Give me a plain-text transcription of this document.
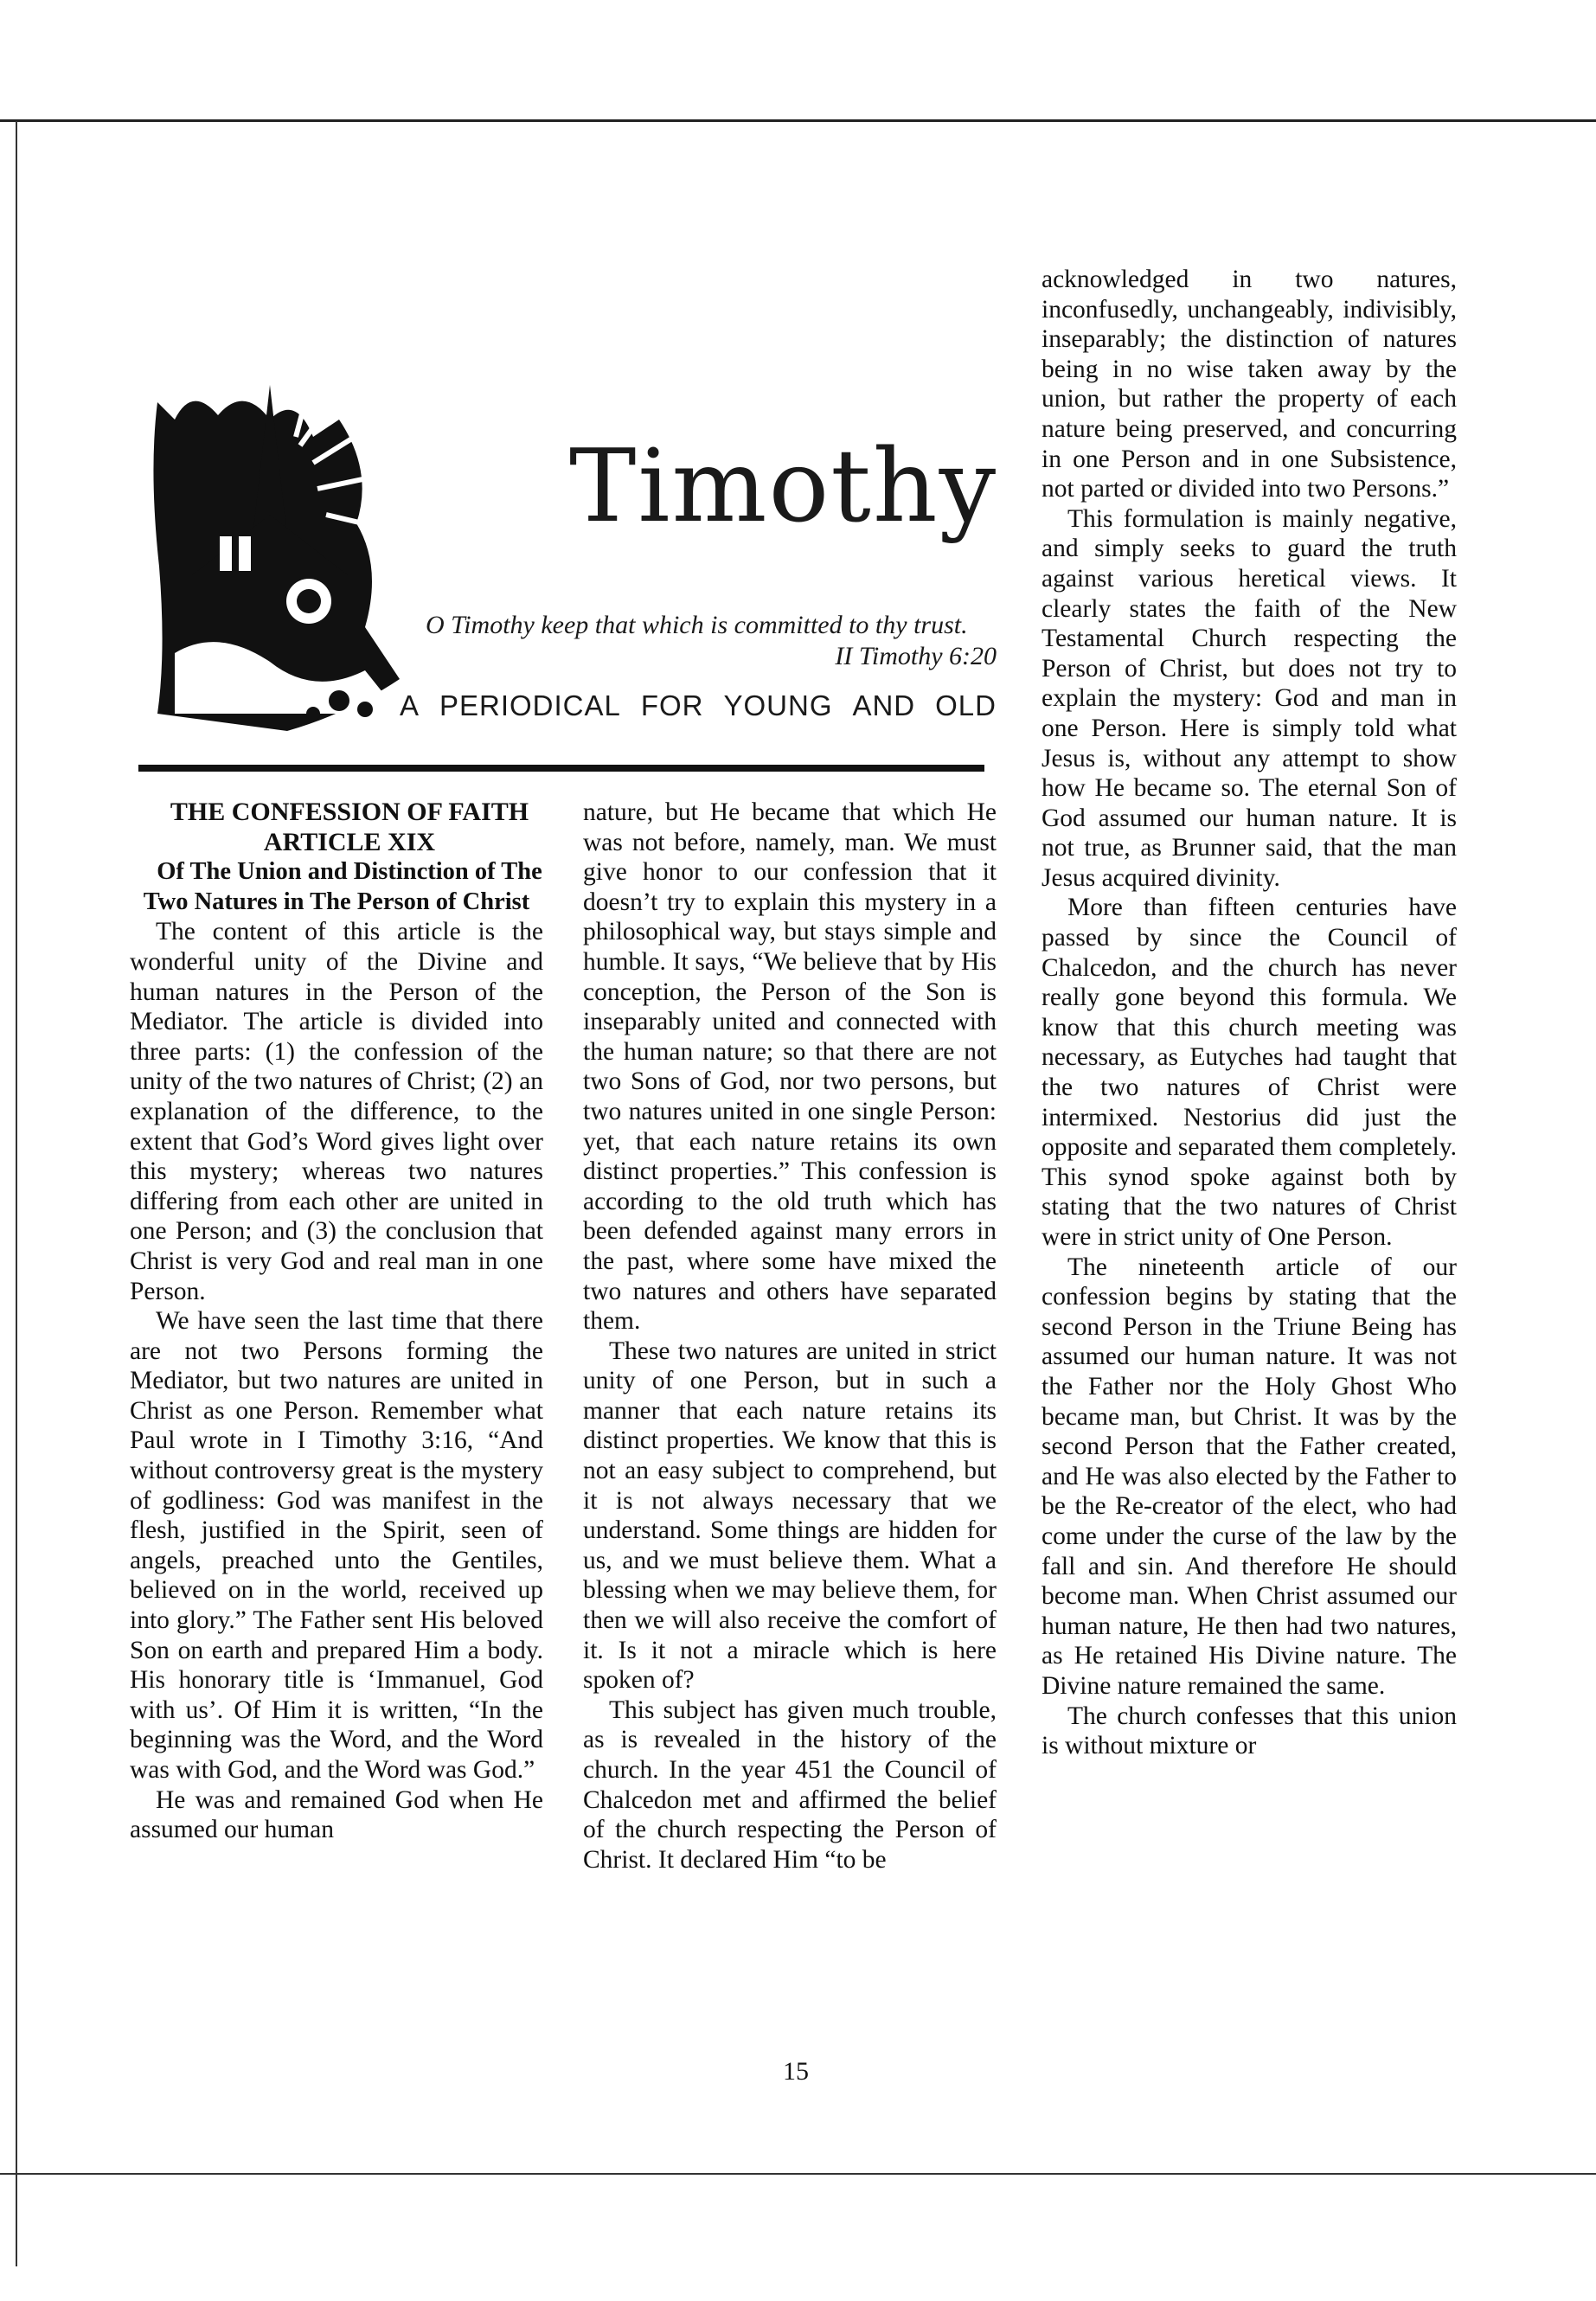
Timothy
O Timothy keep that which is committed to thy trust.
II Timothy 6:20
A PERIODICAL FOR YOUNG AND OLD

THE CONFESSION OF FAITH

ARTICLE XIX

Of The Union and Distinction of The Two Natures in The Person of Christ

The content of this article is the wonderful unity of the Divine and human natures in the Person of the Mediator. The article is divided into three parts: (1) the confession of the unity of the two natures of Christ; (2) an explanation of the difference, to the extent that God’s Word gives light over this mystery; whereas two natures differing from each other are united in one Person; and (3) the conclusion that Christ is very God and real man in one Person.

We have seen the last time that there are not two Persons forming the Mediator, but two natures are united in Christ as one Person. Remember what Paul wrote in I Timothy 3:16, “And without controversy great is the mystery of godliness: God was manifest in the flesh, justified in the Spirit, seen of angels, preached unto the Gentiles, believed on in the world, received up into glory.” The Father sent His beloved Son on earth and prepared Him a body. His honorary title is ‘Immanuel, God with us’. Of Him it is written, “In the beginning was the Word, and the Word was with God, and the Word was God.”

He was and remained God when He assumed our human

nature, but He became that which He was not before, namely, man. We must give honor to our confession that it doesn’t try to explain this mystery in a philosophical way, but stays simple and humble. It says, “We believe that by His conception, the Person of the Son is inseparably united and connected with the human nature; so that there are not two Sons of God, nor two persons, but two natures united in one single Person: yet, that each nature retains its own distinct properties.” This confession is according to the old truth which has been defended against many errors in the past, where some have mixed the two natures and others have separated them.

These two natures are united in strict unity of one Person, but in such a manner that each nature retains its distinct properties. We know that this is not an easy subject to comprehend, but it is not always necessary that we understand. Some things are hidden for us, and we must believe them. What a blessing when we may believe them, for then we will also receive the comfort of it. Is it not a miracle which is here spoken of?

This subject has given much trouble, as is revealed in the history of the church. In the year 451 the Council of Chalcedon met and affirmed the belief of the church respecting the Person of Christ. It declared Him “to be

acknowledged in two natures, inconfusedly, unchangeably, indivisibly, inseparably; the distinction of natures being in no wise taken away by the union, but rather the property of each nature being preserved, and concurring in one Person and in one Subsistence, not parted or divided into two Persons.”

This formulation is mainly negative, and simply seeks to guard the truth against various heretical views. It clearly states the faith of the New Testamental Church respecting the Person of Christ, but does not try to explain the mystery: God and man in one Person. Here is simply told what Jesus is, without any attempt to show how He became so. The eternal Son of God assumed our human nature. It is not true, as Brunner said, that the man Jesus acquired divinity.

More than fifteen centuries have passed by since the Council of Chalcedon, and the church has never really gone beyond this formula. We know that this church meeting was necessary, as Eutyches had taught that the two natures of Christ were intermixed. Nestorius did just the opposite and separated them completely. This synod spoke against both by stating that the two natures of Christ were in strict unity of One Person.

The nineteenth article of our confession begins by stating that the second Person in the Triune Being has assumed our human nature. It was not the Father nor the Holy Ghost Who became man, but Christ. It was by the second Person that the Father created, and He was also elected by the Father to be the Re-creator of the elect, who had come under the curse of the law by the fall and sin. And therefore He should become man. When Christ assumed our human nature, He then had two natures, as He retained His Divine nature. The Divine nature remained the same.

The church confesses that this union is without mixture or

15
